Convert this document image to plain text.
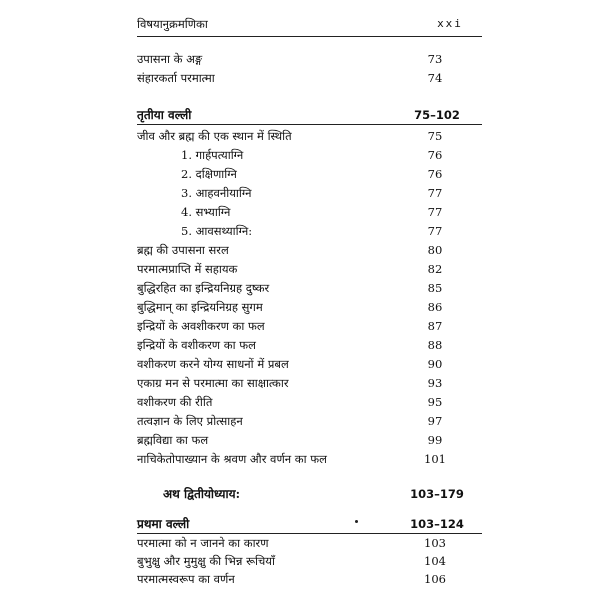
विषयानुक्रमणिका	xxi
उपासना के अङ्ग	73
संहारकर्ता परमात्मा	74
तृतीया वल्ली	75–102
जीव और ब्रह्म की एक स्थान में स्थिति	75
1. गार्हपत्याग्नि	76
2. दक्षिणाग्नि	76
3. आहवनीयाग्नि	77
4. सभ्याग्नि	77
5. आवसथ्याग्नि:	77
ब्रह्म की उपासना सरल	80
परमात्मप्राप्ति में सहायक	82
बुद्धिरहित का इन्द्रियनिग्रह दुष्कर	85
बुद्धिमान् का इन्द्रियनिग्रह सुगम	86
इन्द्रियों के अवशीकरण का फल	87
इन्द्रियों के वशीकरण का फल	88
वशीकरण करने योग्य साधनों में प्रबल	90
एकाग्र मन से परमात्मा का साक्षात्कार	93
वशीकरण की रीति	95
तत्वज्ञान के लिए प्रोत्साहन	97
ब्रह्मविद्या का फल	99
नाचिकेतोपाख्यान के श्रवण और वर्णन का फल	101
अथ द्वितीयोध्याय:	103–179
प्रथमा वल्ली	103–124
परमात्मा को न जानने का कारण	103
बुभुक्षु और मुमुक्षु की भिन्न रूचियाँ	104
परमात्मस्वरूप का वर्णन	106
